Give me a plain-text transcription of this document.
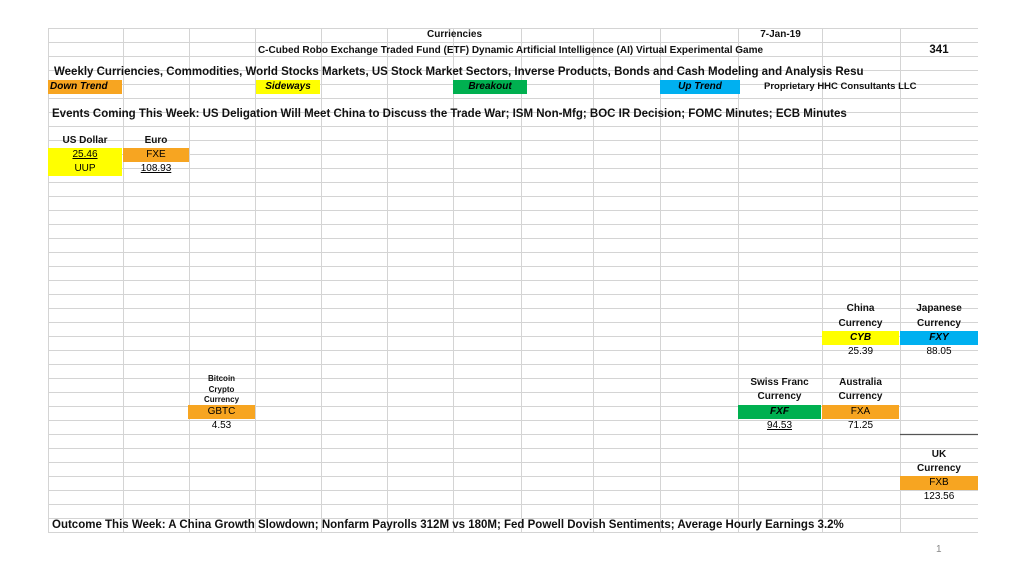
Curriencies	7-Jan-19
C-Cubed Robo Exchange Traded Fund (ETF) Dynamic Artificial Intelligence (AI) Virtual Experimental Game	341
Weekly Curriencies, Commodities, World Stocks Markets, US Stock Market Sectors, Inverse Products, Bonds and Cash Modeling and Analysis Resu
Down Trend	Sideways	Breakout	Up Trend	Proprietary HHC Consultants LLC
Events Coming This Week: US Deligation Will Meet China to Discuss the Trade War; ISM Non-Mfg; BOC IR Decision; FOMC Minutes; ECB Minutes
US Dollar	Euro
25.46	FXE
UUP	108.93
China
Currency
Japanese
Currency
CYB	FXY
25.39	88.05
Bitcoin
Crypto
Currency
GBTC
4.53
Swiss Franc
Currency
Australia
Currency
FXF	FXA
94.53	71.25
UK
Currency
FXB
123.56
Outcome This Week: A China Growth Slowdown; Nonfarm Payrolls 312M vs 180M; Fed Powell Dovish Sentiments; Average Hourly Earnings 3.2%
1
